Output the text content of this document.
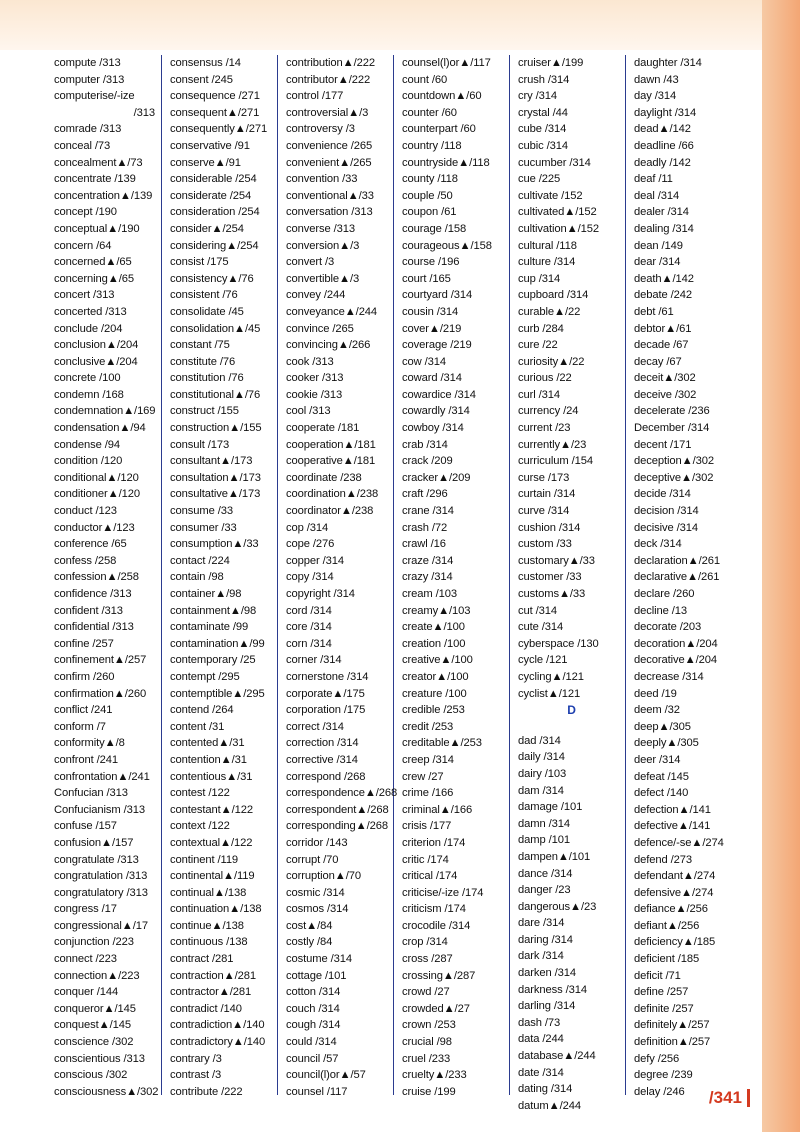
compute /313
computer /313
computerise/-ize
/313
comrade /313
conceal /73
concealment▲/73
concentrate /139
concentration▲/139
concept /190
conceptual▲/190
concern /64
concerned▲/65
concerning▲/65
concert /313
concerted /313
conclude /204
conclusion▲/204
conclusive▲/204
concrete /100
condemn /168
condemnation▲/169
condensation▲/94
condense /94
condition /120
conditional▲/120
conditioner▲/120
conduct /123
conductor▲/123
conference /65
confess /258
confession▲/258
confidence /313
confident /313
confidential /313
confine /257
confinement▲/257
confirm /260
confirmation▲/260
conflict /241
conform /7
conformity▲/8
confront /241
confrontation▲/241
Confucian /313
Confucianism /313
confuse /157
confusion▲/157
congratulate /313
congratulation /313
congratulatory /313
congress /17
congressional▲/17
conjunction /223
connect /223
connection▲/223
conquer /144
conqueror▲/145
conquest▲/145
conscience /302
conscientious /313
conscious /302
consciousness▲/302
consensus /14
consent /245
consequence /271
consequent▲/271
consequently▲/271
conservative /91
conserve▲/91
considerable /254
considerate /254
consideration /254
consider▲/254
considering▲/254
consist /175
consistency▲/76
consistent /76
consolidate /45
consolidation▲/45
constant /75
constitute /76
constitution /76
constitutional▲/76
construct /155
construction▲/155
consult /173
consultant▲/173
consultation▲/173
consultative▲/173
consume /33
consumer /33
consumption▲/33
contact /224
contain /98
container▲/98
containment▲/98
contaminate /99
contamination▲/99
contemporary /25
contempt /295
contemptible▲/295
contend /264
content /31
contented▲/31
contention▲/31
contentious▲/31
contest /122
contestant▲/122
context /122
contextual▲/122
continent /119
continental▲/119
continual▲/138
continuation▲/138
continue▲/138
continuous /138
contract /281
contraction▲/281
contractor▲/281
contradict /140
contradiction▲/140
contradictory▲/140
contrary /3
contrast /3
contribute /222
contribution▲/222
contributor▲/222
control /177
controversial▲/3
controversy /3
convenience /265
convenient▲/265
convention /33
conventional▲/33
conversation /313
converse /313
conversion▲/3
convert /3
convertible▲/3
convey /244
conveyance▲/244
convince /265
convincing▲/266
cook /313
cooker /313
cookie /313
cool /313
cooperate /181
cooperation▲/181
cooperative▲/181
coordinate /238
coordination▲/238
coordinator▲/238
cop /314
cope /276
copper /314
copy /314
copyright /314
cord /314
core /314
corn /314
corner /314
cornerstone /314
corporate▲/175
corporation /175
correct /314
correction /314
corrective /314
correspond /268
correspondence▲/268
correspondent▲/268
corresponding▲/268
corridor /143
corrupt /70
corruption▲/70
cosmic /314
cosmos /314
cost▲/84
costly /84
costume /314
cottage /101
cotton /314
couch /314
cough /314
could /314
council /57
council(l)or▲/57
counsel /117
counsel(l)or▲/117
count /60
countdown▲/60
counter /60
counterpart /60
country /118
countryside▲/118
county /118
couple /50
coupon /61
courage /158
courageous▲/158
course /196
court /165
courtyard /314
cousin /314
cover▲/219
coverage /219
cow /314
coward /314
cowardice /314
cowardly /314
cowboy /314
crab /314
crack /209
cracker▲/209
craft /296
crane /314
crash /72
crawl /16
craze /314
crazy /314
cream /103
creamy▲/103
create▲/100
creation /100
creative▲/100
creator▲/100
creature /100
credible /253
credit /253
creditable▲/253
creep /314
crew /27
crime /166
criminal▲/166
crisis /177
criterion /174
critic /174
critical /174
criticise/-ize /174
criticism /174
crocodile /314
crop /314
cross /287
crossing▲/287
crowd /27
crowded▲/27
crown /253
crucial /98
cruel /233
cruelty▲/233
cruise /199
cruiser▲/199
crush /314
cry /314
crystal /44
cube /314
cubic /314
cucumber /314
cue /225
cultivate /152
cultivated▲/152
cultivation▲/152
cultural /118
culture /314
cup /314
cupboard /314
curable▲/22
curb /284
cure /22
curiosity▲/22
curious /22
curl /314
currency /24
current /23
currently▲/23
curriculum /154
curse /173
curtain /314
curve /314
cushion /314
custom /33
customary▲/33
customer /33
customs▲/33
cut /314
cute /314
cyberspace /130
cycle /121
cycling▲/121
cyclist▲/121
D
dad /314
daily /314
dairy /103
dam /314
damage /101
damn /314
damp /101
dampen▲/101
dance /314
danger /23
dangerous▲/23
dare /314
daring /314
dark /314
darken /314
darkness /314
darling /314
dash /73
data /244
database▲/244
date /314
dating /314
datum▲/244
daughter /314
dawn /43
day /314
daylight /314
dead▲/142
deadline /66
deadly /142
deaf /11
deal /314
dealer /314
dealing /314
dean /149
dear /314
death▲/142
debate /242
debt /61
debtor▲/61
decade /67
decay /67
deceit▲/302
deceive /302
decelerate /236
December /314
decent /171
deception▲/302
deceptive▲/302
decide /314
decision /314
decisive /314
deck /314
declaration▲/261
declarative▲/261
declare /260
decline /13
decorate /203
decoration▲/204
decorative▲/204
decrease /314
deed /19
deem /32
deep▲/305
deeply▲/305
deer /314
defeat /145
defect /140
defection▲/141
defective▲/141
defence/-se▲/274
defend /273
defendant▲/274
defensive▲/274
defiance▲/256
defiant▲/256
deficiency▲/185
deficient /185
deficit /71
define /257
definite /257
definitely▲/257
definition▲/257
defy /256
degree /239
delay /246	/341
